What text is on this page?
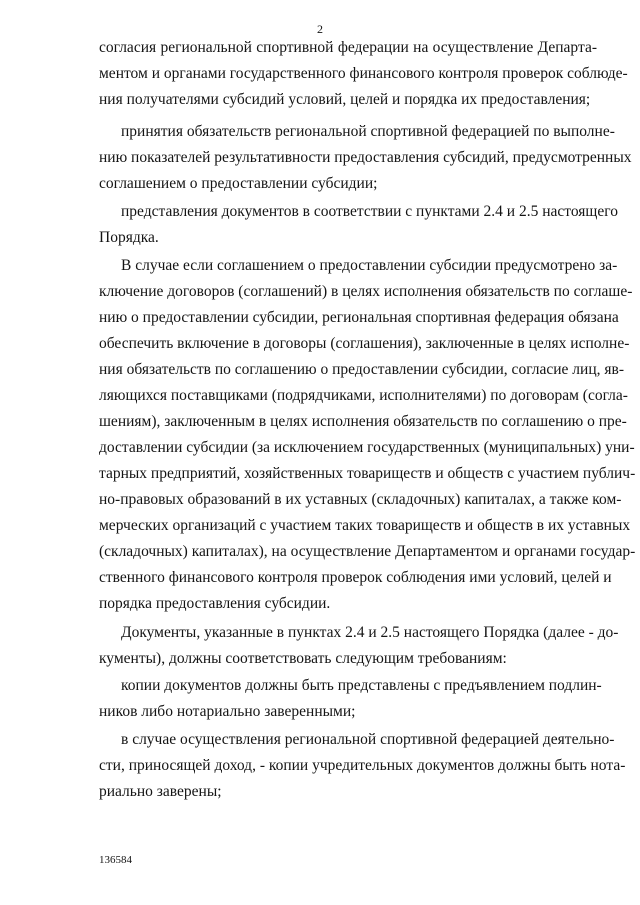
2
согласия региональной спортивной федерации на осуществление Департа-
ментом и органами государственного финансового контроля проверок соблюде-
ния получателями субсидий условий, целей и порядка их предоставления;
принятия обязательств региональной спортивной федерацией по выполне-
нию показателей результативности предоставления субсидий, предусмотренных
соглашением о предоставлении субсидии;
представления документов в соответствии с пунктами 2.4 и 2.5 настоящего
Порядка.
В случае если соглашением о предоставлении субсидии предусмотрено за-
ключение договоров (соглашений) в целях исполнения обязательств по соглаше-
нию о предоставлении субсидии, региональная спортивная федерация обязана
обеспечить включение в договоры (соглашения), заключенные в целях исполне-
ния обязательств по соглашению о предоставлении субсидии, согласие лиц, яв-
ляющихся поставщиками (подрядчиками, исполнителями) по договорам (согла-
шениям), заключенным в целях исполнения обязательств по соглашению о пре-
доставлении субсидии (за исключением государственных (муниципальных) уни-
тарных предприятий, хозяйственных товариществ и обществ с участием публич-
но-правовых образований в их уставных (складочных) капиталах, а также ком-
мерческих организаций с участием таких товариществ и обществ в их уставных
(складочных) капиталах), на осуществление Департаментом и органами государ-
ственного финансового контроля проверок соблюдения ими условий, целей и
порядка предоставления субсидии.
Документы, указанные в пунктах 2.4 и 2.5 настоящего Порядка (далее - до-
кументы), должны соответствовать следующим требованиям:
копии документов должны быть представлены с предъявлением подлин-
ников либо нотариально заверенными;
в случае осуществления региональной спортивной федерацией деятельно-
сти, приносящей доход, - копии учредительных документов должны быть нота-
риально заверены;
136584
